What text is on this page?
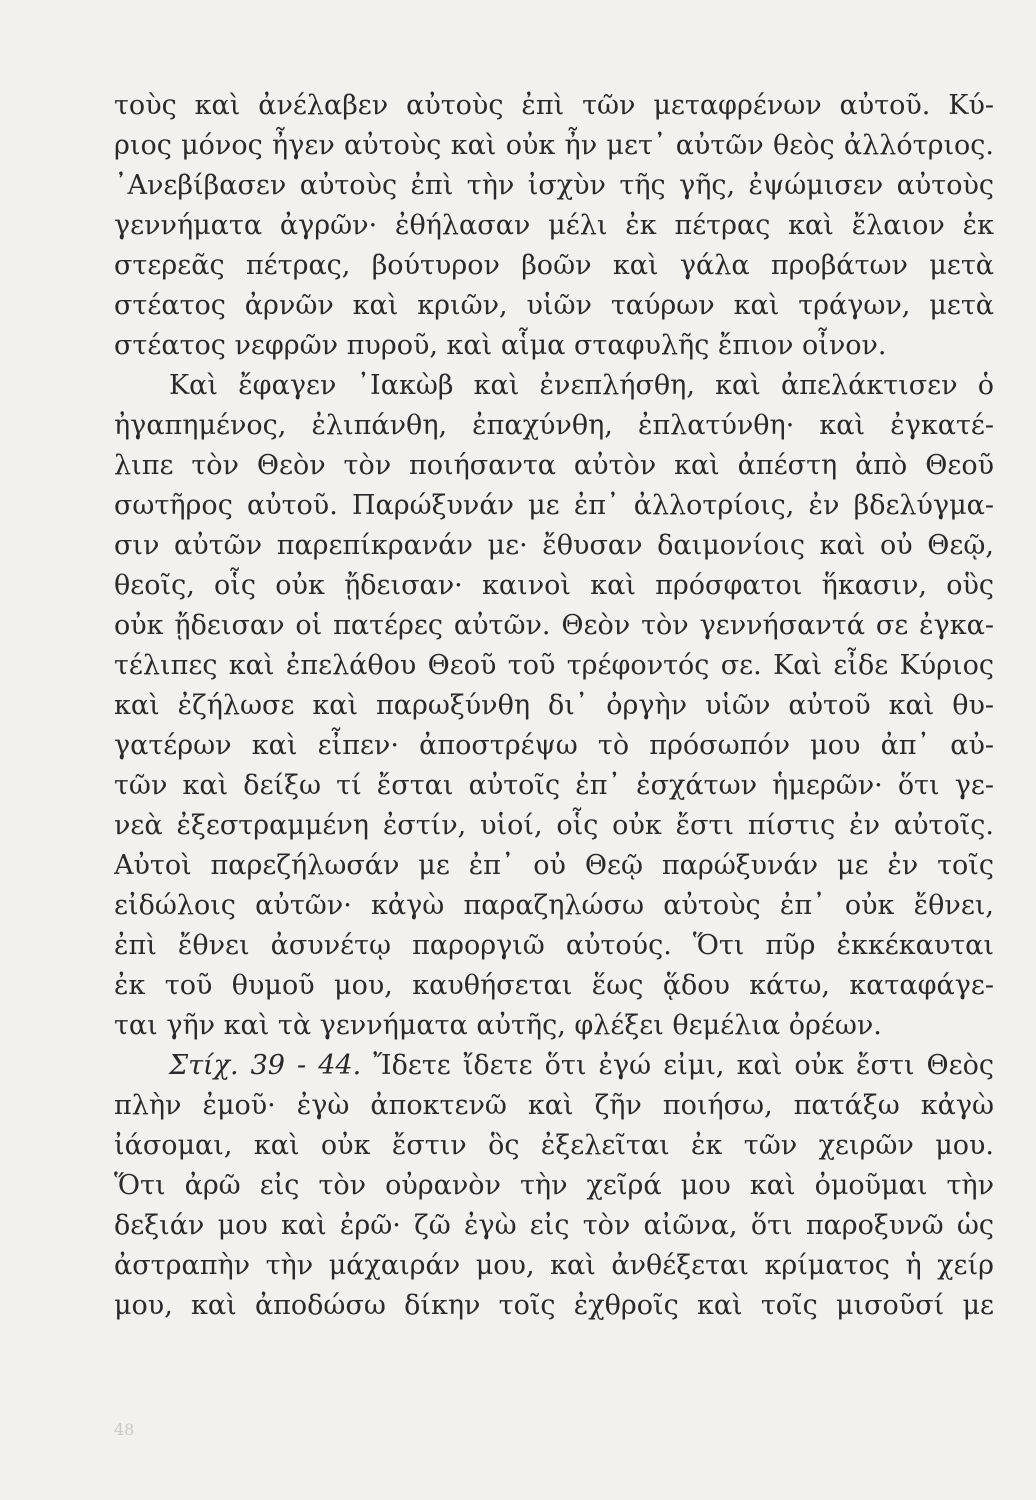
τοὺς καὶ ἀνέλαβεν αὐτοὺς ἐπὶ τῶν μεταφρένων αὐτοῦ. Κύ-
ριος μόνος ἦγεν αὐτοὺς καὶ οὐκ ἦν μετ᾿ αὐτῶν θεὸς ἀλλότριος.
᾿Ανεβίβασεν αὐτοὺς ἐπὶ τὴν ἰσχὺν τῆς γῆς, ἐψώμισεν αὐτοὺς
γεννήματα ἀγρῶν· ἐθήλασαν μέλι ἐκ πέτρας καὶ ἔλαιον ἐκ
στερεᾶς πέτρας, βούτυρον βοῶν καὶ γάλα προβάτων μετὰ
στέατος ἀρνῶν καὶ κριῶν, υἱῶν ταύρων καὶ τράγων, μετὰ
στέατος νεφρῶν πυροῦ, καὶ αἷμα σταφυλῆς ἔπιον οἶνον.
Καὶ ἔφαγεν ᾿Ιακὼβ καὶ ἐνεπλήσθη, καὶ ἀπελάκτισεν ὁ
ἠγαπημένος, ἐλιπάνθη, ἐπαχύνθη, ἐπλατύνθη· καὶ ἐγκατέ-
λιπε τὸν Θεὸν τὸν ποιήσαντα αὐτὸν καὶ ἀπέστη ἀπὸ Θεοῦ
σωτῆρος αὐτοῦ. Παρώξυνάν με ἐπ᾿ ἀλλοτρίοις, ἐν βδελύγμα-
σιν αὐτῶν παρεπίκρανάν με· ἔθυσαν δαιμονίοις καὶ οὐ Θεῷ,
θεοῖς, οἷς οὐκ ᾔδεισαν· καινοὶ καὶ πρόσφατοι ἥκασιν, οὓς
οὐκ ᾔδεισαν οἱ πατέρες αὐτῶν. Θεὸν τὸν γεννήσαντά σε ἐγκα-
τέλιπες καὶ ἐπελάθου Θεοῦ τοῦ τρέφοντός σε. Καὶ εἶδε Κύριος
καὶ ἐζήλωσε καὶ παρωξύνθη δι᾿ ὀργὴν υἱῶν αὐτοῦ καὶ θυ-
γατέρων καὶ εἶπεν· ἀποστρέψω τὸ πρόσωπόν μου ἀπ᾿ αὐ-
τῶν καὶ δείξω τί ἔσται αὐτοῖς ἐπ᾿ ἐσχάτων ἡμερῶν· ὅτι γε-
νεὰ ἐξεστραμμένη ἐστίν, υἱοί, οἷς οὐκ ἔστι πίστις ἐν αὐτοῖς.
Αὐτοὶ παρεζήλωσάν με ἐπ᾿ οὐ Θεῷ παρώξυνάν με ἐν τοῖς
εἰδώλοις αὐτῶν· κἀγὼ παραζηλώσω αὐτοὺς ἐπ᾿ οὐκ ἔθνει,
ἐπὶ ἔθνει ἀσυνέτῳ παροργιῶ αὐτούς. Ὅτι πῦρ ἐκκέκαυται
ἐκ τοῦ θυμοῦ μου, καυθήσεται ἕως ᾅδου κάτω, καταφάγε-
ται γῆν καὶ τὰ γεννήματα αὐτῆς, φλέξει θεμέλια ὀρέων.
Στίχ. 39 - 44. Ἴδετε ἴδετε ὅτι ἐγώ εἰμι, καὶ οὐκ ἔστι Θεὸς
πλὴν ἐμοῦ· ἐγὼ ἀποκτενῶ καὶ ζῆν ποιήσω, πατάξω κἀγὼ
ἰάσομαι, καὶ οὐκ ἔστιν ὃς ἐξελεῖται ἐκ τῶν χειρῶν μου.
Ὅτι ἀρῶ εἰς τὸν οὐρανὸν τὴν χεῖρά μου καὶ ὀμοῦμαι τὴν
δεξιάν μου καὶ ἐρῶ· ζῶ ἐγὼ εἰς τὸν αἰῶνα, ὅτι παροξυνῶ ὡς
ἀστραπὴν τὴν μάχαιράν μου, καὶ ἀνθέξεται κρίματος ἡ χείρ
μου, καὶ ἀποδώσω δίκην τοῖς ἐχθροῖς καὶ τοῖς μισοῦσί με
48
